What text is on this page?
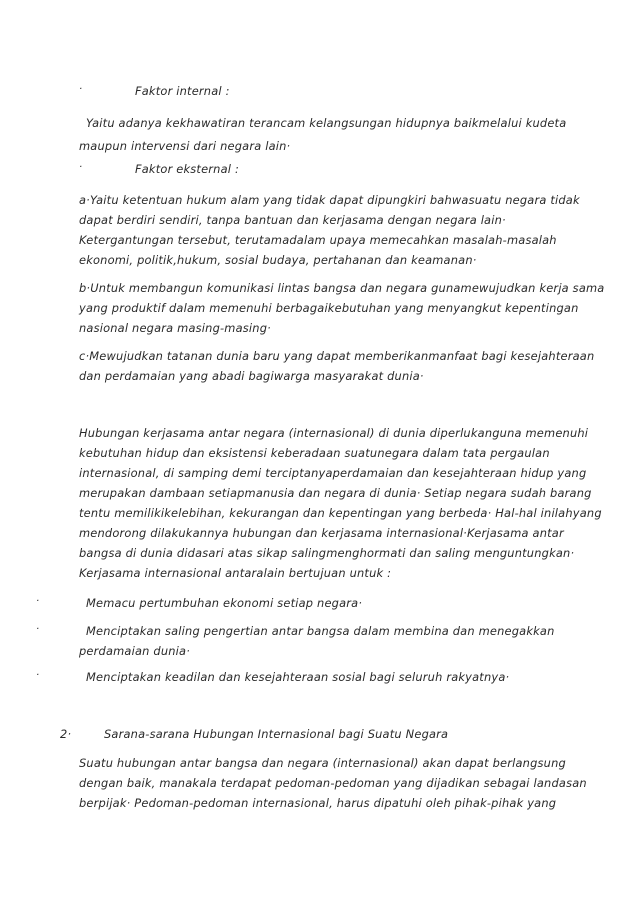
·	Faktor internal :
Yaitu adanya kekhawatiran terancam kelangsungan hidupnya baikmelalui kudeta
maupun intervensi dari negara lain·
·	Faktor eksternal :
a·Yaitu ketentuan hukum alam yang tidak dapat dipungkiri bahwasuatu negara tidak
dapat berdiri sendiri, tanpa bantuan dan kerjasama dengan negara lain·
Ketergantungan tersebut, terutamadalam upaya memecahkan masalah-masalah
ekonomi, politik,hukum, sosial budaya, pertahanan dan keamanan·
b·Untuk membangun komunikasi lintas bangsa dan negara gunamewujudkan kerja sama
yang produktif dalam memenuhi berbagaikebutuhan yang menyangkut kepentingan
nasional negara masing-masing·
c·Mewujudkan tatanan dunia baru yang dapat memberikanmanfaat bagi kesejahteraan
dan perdamaian yang abadi bagiwarga masyarakat dunia·
Hubungan kerjasama antar negara (internasional) di dunia diperlukanguna memenuhi
kebutuhan hidup dan eksistensi keberadaan suatunegara dalam tata pergaulan
internasional, di samping demi terciptanyaperdamaian dan kesejahteraan hidup yang
merupakan dambaan setiapmanusia dan negara di dunia· Setiap negara sudah barang
tentu memilikikelebihan, kekurangan dan kepentingan yang berbeda· Hal-hal inilahyang
mendorong dilakukannya hubungan dan kerjasama internasional·Kerjasama antar
bangsa di dunia didasari atas sikap salingmenghormati dan saling menguntungkan·
Kerjasama internasional antaralain bertujuan untuk :
·	Memacu pertumbuhan ekonomi setiap negara·
·	Menciptakan saling pengertian antar bangsa dalam membina dan menegakkan
perdamaian dunia·
·	Menciptakan keadilan dan kesejahteraan sosial bagi seluruh rakyatnya·
2·	Sarana-sarana Hubungan Internasional bagi Suatu Negara
Suatu hubungan antar bangsa dan negara (internasional) akan dapat berlangsung
dengan baik, manakala terdapat pedoman-pedoman yang dijadikan sebagai landasan
berpijak· Pedoman-pedoman internasional, harus dipatuhi oleh pihak-pihak yang
